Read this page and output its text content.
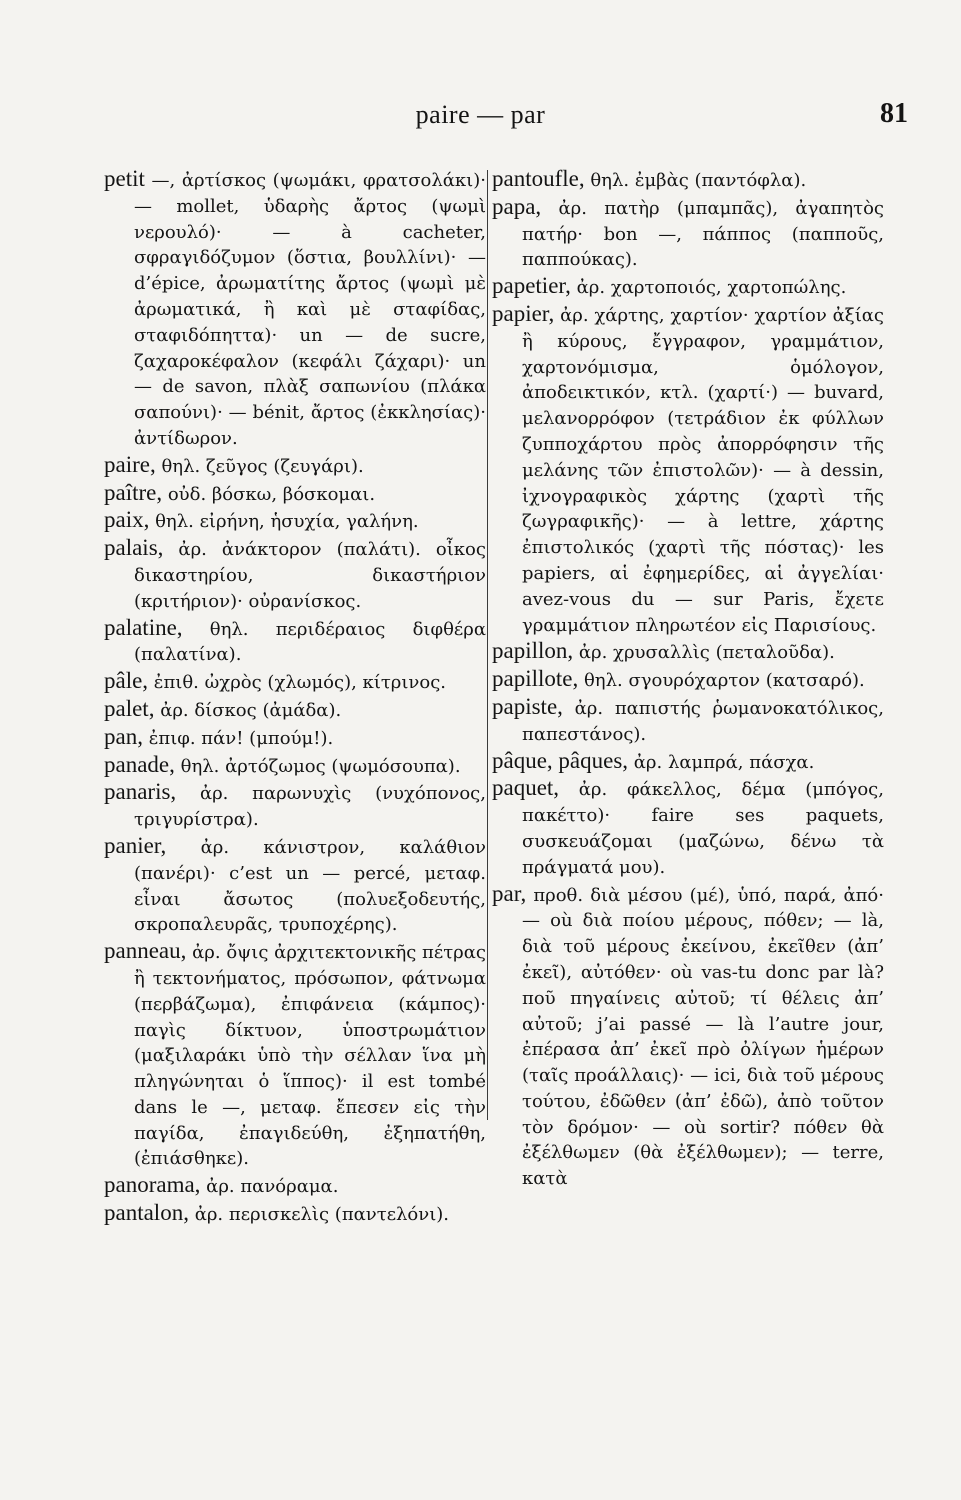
paire — par	81

petit —, ἀρτίσκος (ψωμάκι, φρατσολάκι)· — mollet, ὑδαρὴς ἄρτος (ψωμὶ νερουλό)· — à cacheter, σφραγιδόζυμον (ὅστια, βουλλίνι)· — d’épice, ἀρωματίτης ἄρτος (ψωμὶ μὲ ἀρωματικά, ἢ καὶ μὲ σταφίδας, σταφιδόπηττα)· un — de sucre, ζαχαροκέφαλον (κεφάλι ζάχαρι)· un — de savon, πλὰξ σαπωνίου (πλάκα σαπούνι)· — bénit, ἄρτος (ἐκκλησίας)· ἀντίδωρον.

paire, θηλ. ζεῦγος (ζευγάρι).

paître, οὐδ. βόσκω, βόσκομαι.

paix, θηλ. εἰρήνη, ἡσυχία, γαλήνη.

palais, ἀρ. ἀνάκτορον (παλάτι). οἶκος δικαστηρίου, δικαστήριον (κριτήριον)· οὐρανίσκος.

palatine, θηλ. περιδέραιος διφθέρα (παλατίνα).

pâle, ἐπιθ. ὠχρὸς (χλωμός), κίτρινος.

palet, ἀρ. δίσκος (ἀμάδα).

pan, ἐπιφ. πάν! (μπούμ!).

panade, θηλ. ἀρτόζωμος (ψωμόσουπα).

panaris, ἀρ. παρωνυχὶς (νυχόπονος, τριγυρίστρα).

panier, ἀρ. κάνιστρον, καλάθιον (πανέρι)· c’est un — percé, μεταφ. εἶναι ἄσωτος (πολυεξοδευτής, σκροπαλευρᾶς, τρυποχέρης).

panneau, ἀρ. ὄψις ἀρχιτεκτονικῆς πέτρας ἢ τεκτονήματος, πρόσωπον, φάτνωμα (περβάζωμα), ἐπιφάνεια (κάμπος)· παγὶς δίκτυον, ὑποστρωμάτιον (μαξιλαράκι ὑπὸ τὴν σέλλαν ἵνα μὴ πληγώνηται ὁ ἵππος)· il est tombé dans le —, μεταφ. ἔπεσεν εἰς τὴν παγίδα, ἐπαγιδεύθη, ἐξηπατήθη, (ἐπιάσθηκε).

panorama, ἀρ. πανόραμα.

pantalon, ἀρ. περισκελὶς (παντελόνι).

pantoufle, θηλ. ἐμβὰς (παντόφλα).

papa, ἀρ. πατὴρ (μπαμπᾶς), ἀγαπητὸς πατήρ· bon —, πάππος (παπποῦς, παππούκας).

papetier, ἀρ. χαρτοποιός, χαρτοπώλης.

papier, ἀρ. χάρτης, χαρτίον· χαρτίον ἀξίας ἢ κύρους, ἔγγραφον, γραμμάτιον, χαρτονόμισμα, ὁμόλογον, ἀποδεικτικόν, κτλ. (χαρτί·) — buvard, μελανορρόφον (τετράδιον ἐκ φύλλων ζυπποχάρτου πρὸς ἀπορρόφησιν τῆς μελάνης τῶν ἐπιστολῶν)· — à dessin, ἰχνογραφικὸς χάρτης (χαρτὶ τῆς ζωγραφικῆς)· — à lettre, χάρτης ἐπιστολικός (χαρτὶ τῆς πόστας)· les papiers, αἱ ἐφημερίδες, αἱ ἀγγελίαι· avez-vous du — sur Paris, ἔχετε γραμμάτιον πληρωτέον εἰς Παρισίους.

papillon, ἀρ. χρυσαλλὶς (πεταλοῦδα).

papillote, θηλ. σγουρόχαρτον (κατσαρό).

papiste, ἀρ. παπιστής ῥωμανοκατόλικος, παπεστάνος).

pâque, pâques, ἀρ. λαμπρά, πάσχα.

paquet, ἀρ. φάκελλος, δέμα (μπόγος, πακέττο)· faire ses paquets, συσκευάζομαι (μαζώνω, δένω τὰ πράγματά μου).

par, προθ. διὰ μέσου (μέ), ὑπό, παρά, ἀπό· — où διὰ ποίου μέρους, πόθεν; — là, διὰ τοῦ μέρους ἐκείνου, ἐκεῖθεν (ἀπ’ ἐκεῖ), αὐτόθεν· où vas-tu donc par là? ποῦ πηγαίνεις αὐτοῦ; τί θέλεις ἀπ’ αὐτοῦ; j’ai passé — là l’autre jour, ἐπέρασα ἀπ’ ἐκεῖ πρὸ ὀλίγων ἡμέρων (ταῖς προάλλαις)· — ici, διὰ τοῦ μέρους τούτου, ἐδῶθεν (ἀπ’ ἐδῶ), ἀπὸ τοῦτον τὸν δρόμον· — où sortir? πόθεν θὰ ἐξέλθωμεν (θὰ ἐξέλθωμεν); — terre, κατὰ
